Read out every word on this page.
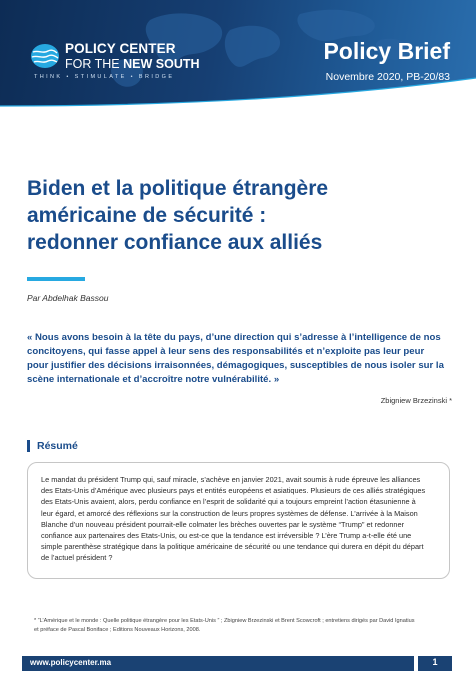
POLICY CENTER
FOR THE NEW SOUTH
THINK • STIMULATE • BRIDGE
Policy Brief
Novembre 2020, PB-20/83
Biden et la politique étrangère
américaine de sécurité :
redonner confiance aux alliés
Par Abdelhak Bassou
« Nous avons besoin à la tête du pays, d’une direction qui s’adresse à l’intelligence de nos
concitoyens, qui fasse appel à leur sens des responsabilités et n’exploite pas leur peur
pour justifier des décisions irraisonnées, démagogiques, susceptibles de nous isoler sur la
scène internationale et d’accroître notre vulnérabilité. »
Zbigniew Brzezinski *
Résumé
Le mandat du président Trump qui, sauf miracle, s’achève en janvier 2021, avait soumis à rude épreuve les alliances
des Etats-Unis d’Amérique avec plusieurs pays et entités européens et asiatiques. Plusieurs de ces alliés stratégiques
des Etats-Unis avaient, alors, perdu confiance en l’esprit de solidarité qui a toujours empreint l’action étasunienne à
leur égard, et amorcé des réflexions sur la construction de leurs propres systèmes de défense. L’arrivée à la Maison
Blanche d’un nouveau président pourrait-elle colmater les brèches ouvertes par le système “Trump” et redonner
confiance aux partenaires des Etats-Unis, ou est-ce que la tendance est irréversible ? L’ère Trump a-t-elle été une
simple parenthèse stratégique dans la politique américaine de sécurité ou une tendance qui durera en dépit du départ
de l’actuel président ?
* “L’Amérique et le monde : Quelle politique étrangère pour les Etats-Unis ” ; Zbigniew Brzezinski et Brent Scowcroft ; entretiens dirigés par David Ignatius
et préface de Pascal Boniface ; Editions Nouveaux Horizons, 2008.
www.policycenter.ma	1
